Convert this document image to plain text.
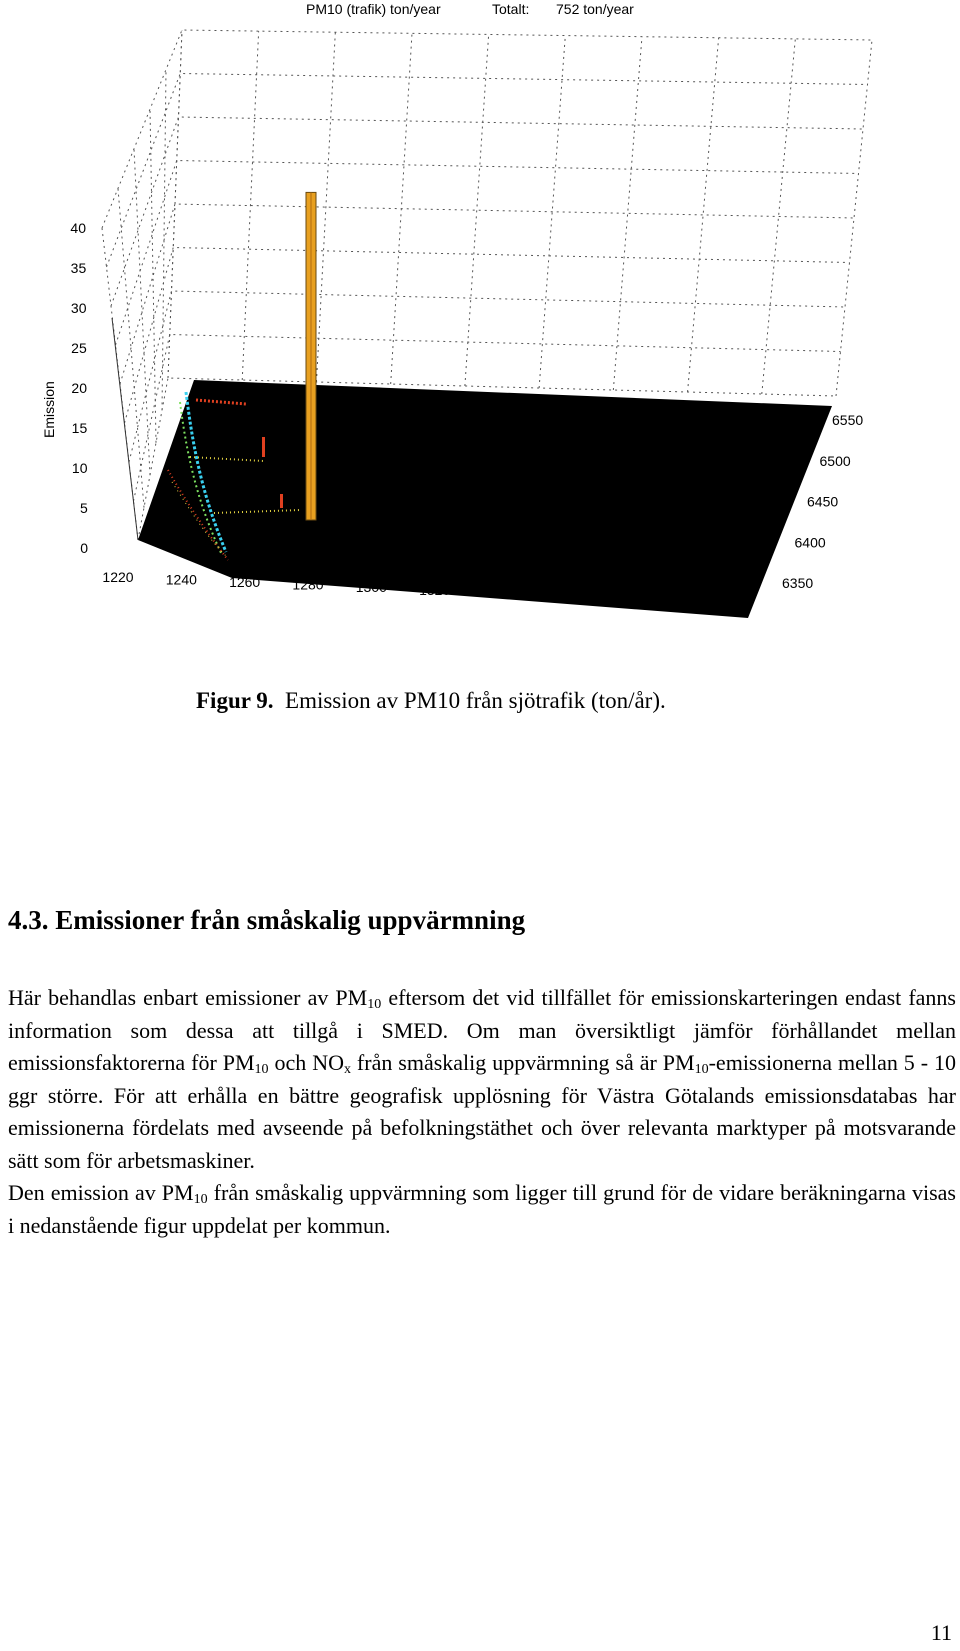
PM10 (trafik) ton/year	Totalt: 752 ton/year
0
5
10
15
20
25
30
35
40
1220 1240 1260 1280 1300 1320 1340 1360 1380 1400
6350
6400
6450
6500
6550
Emission
Figur 9. Emission av PM10 från sjötrafik (ton/år).
4.3. Emissioner från småskalig uppvärmning

Här behandlas enbart emissioner av $PM_{10}$ eftersom det vid tillfället för emissionskarteringen endast fanns information som dessa att tillgå i SMED. Om man översiktligt jämför förhållandet mellan emissionsfaktorerna för $PM_{10}$ och $NO_x$ från småskalig uppvärmning så är $PM_{10}$-emissionerna mellan 5 - 10 ggr större. För att erhålla en bättre geografisk upplösning för Västra Götalands emissionsdatabas har emissionerna fördelats med avseende på befolkningstäthet och över relevanta marktyper på motsvarande sätt som för arbetsmaskiner.

Den emission av $PM_{10}$ från småskalig uppvärmning som ligger till grund för de vidare beräkningarna visas i nedanstående figur uppdelat per kommun.

11
